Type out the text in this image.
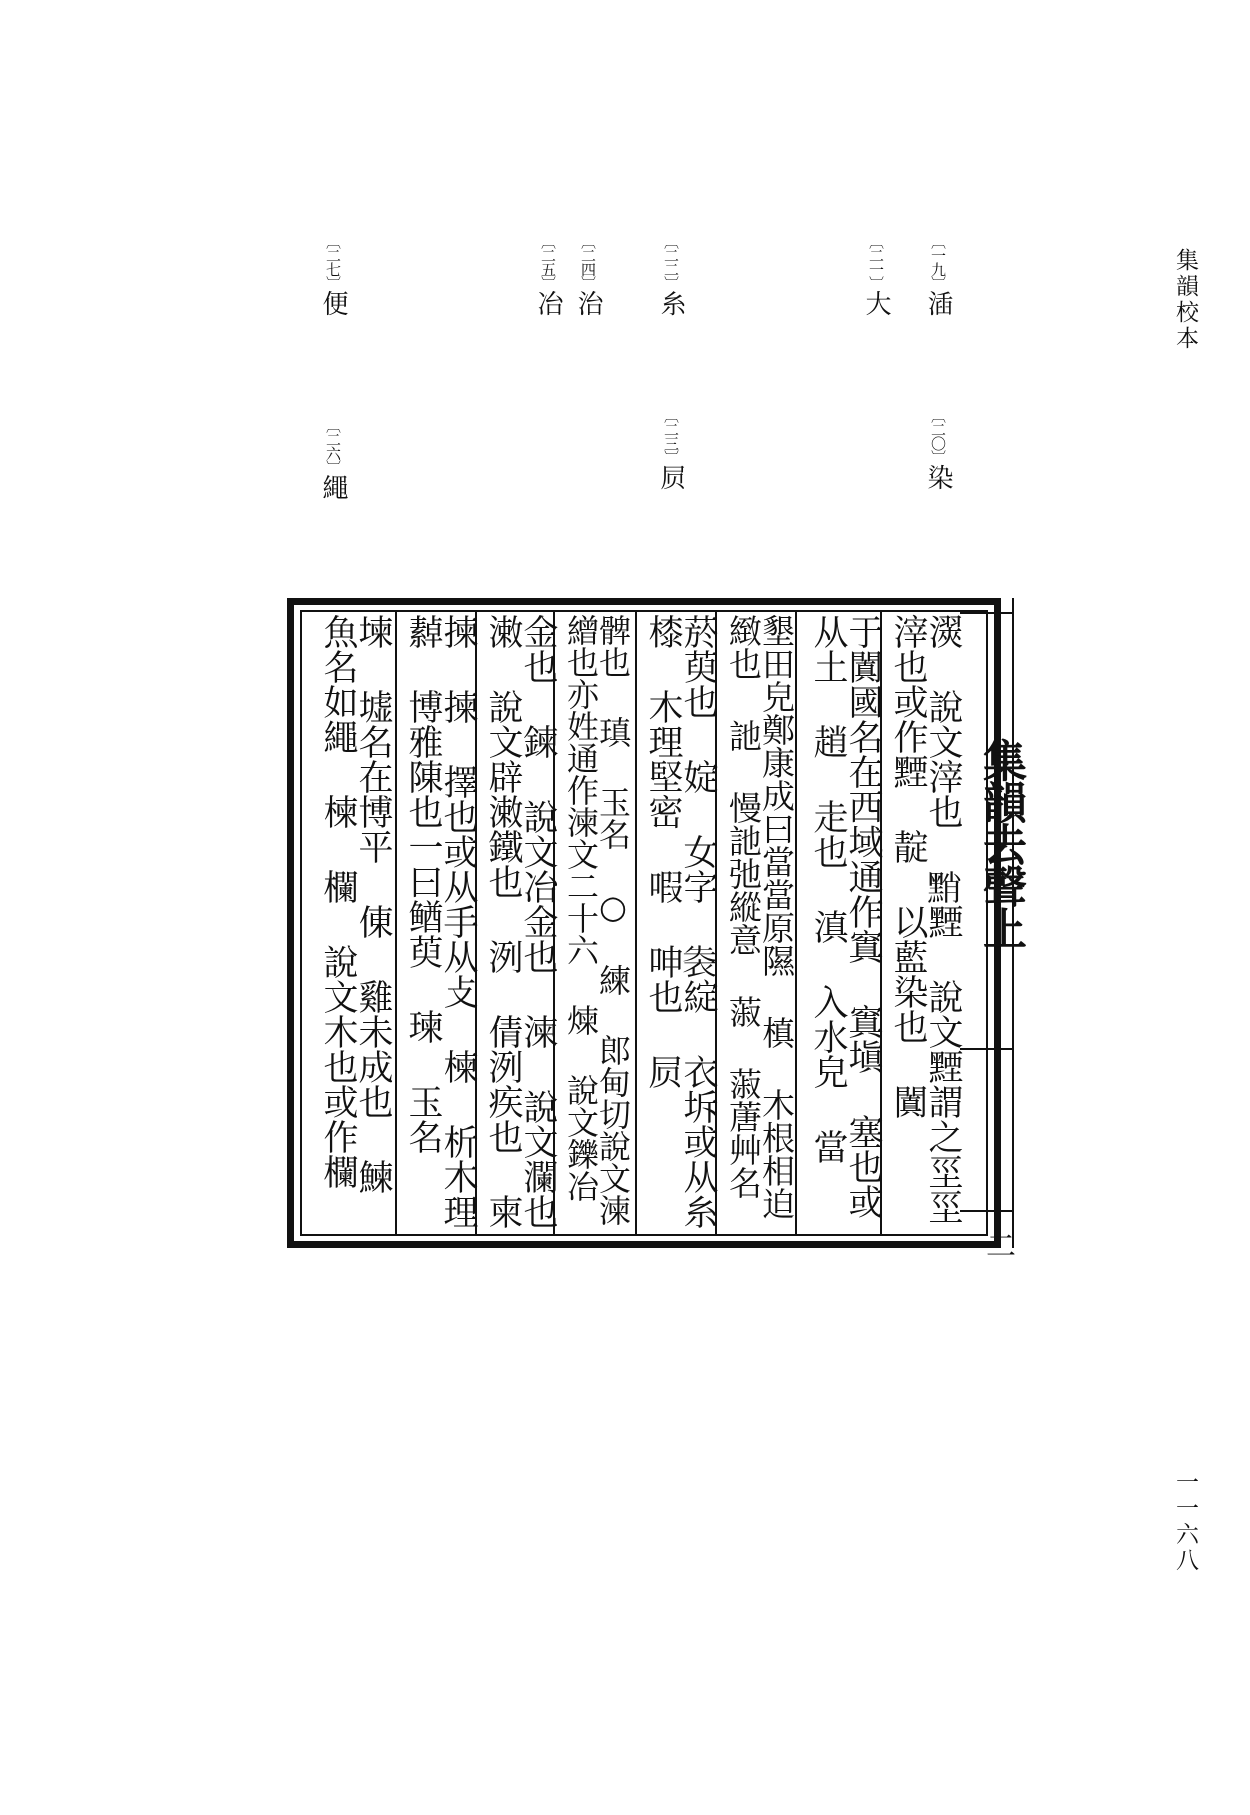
集韻校本
一一六八
〔一九〕㴙
〔二〇〕染
〔二一〕大
〔二二〕糸
〔二三〕屃
〔二四〕治
〔二五〕冶
〔二六〕繩
〔二七〕便
集韻去聲上
二
㵤 說文滓也 𪑊黫 說文黫謂之坙坙滓也或作黫 靛 以藍染也 闐
于闐國名在西域通作窴 窴塡 塞也或从土 趙 走也 滇 入水皃 當
墾田皃鄭康成曰當當原隰 槙 木根相迫緻也 訑 慢訑弛縱意 蔋 蔋蓎艸名
菸萸也 婝 女字 𧙍綻 衣坼或从糸 㯃 木理堅密 㗇 呻也 屃
髀也 瑱 玉名 ○ 練 郎甸切說文湅繒也亦姓通作湅文二十六 煉 說文鑠冶
金也 鍊 說文冶金也 湅 說文瀾也 潄 說文辟潄鐵也 洌 倩洌疾也 柬
揀 揀 擇也或从手从攴 楝 析木理 繛 博雅陳也一曰䲡萸 瑓 玉名
堜 墟名在博平 倲 雞未成也 鰊 魚名如繩 楝 欄 說文木也或作欄
